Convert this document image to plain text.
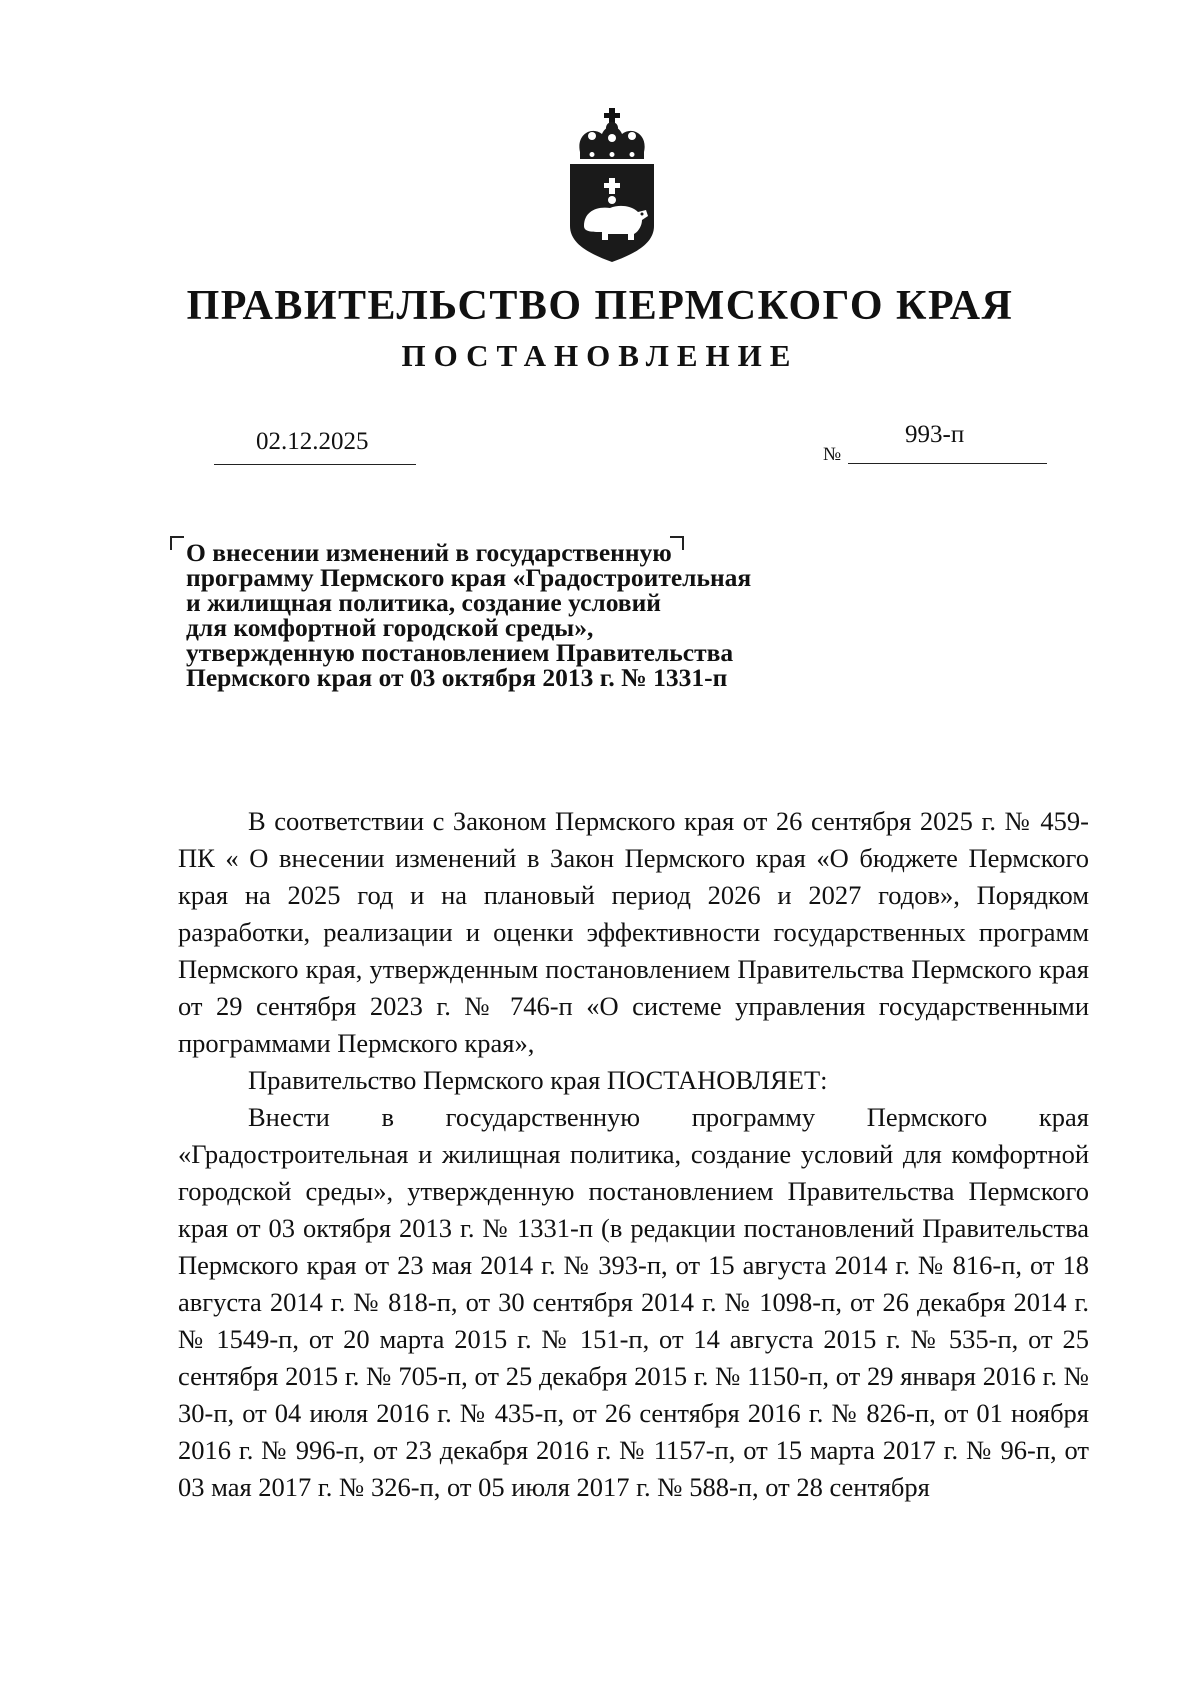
ПРАВИТЕЛЬСТВО ПЕРМСКОГО КРАЯ
ПОСТАНОВЛЕНИЕ
02.12.2025	№
993-п
О внесении изменений в государственную
программу Пермского края «Градостроительная
и жилищная политика, создание условий
для комфортной городской среды»,
утвержденную постановлением Правительства
Пермского края от 03 октября 2013 г. № 1331-п

В соответствии с Законом Пермского края от 26 сентября 2025 г. № 459-ПК « О внесении изменений в Закон Пермского края «О бюджете Пермского края на 2025 год и на плановый период 2026 и 2027 годов», Порядком разработки, реализации и оценки эффективности государственных программ Пермского края, утвержденным постановлением Правительства Пермского края от 29 сентября 2023 г. № 746-п «О системе управления государственными программами Пермского края»,

Правительство Пермского края ПОСТАНОВЛЯЕТ:

Внести в государственную программу Пермского края «Градостроительная и жилищная политика, создание условий для комфортной городской среды», утвержденную постановлением Правительства Пермского края от 03 октября 2013 г. № 1331-п (в редакции постановлений Правительства Пермского края от 23 мая 2014 г. № 393-п, от 15 августа 2014 г. № 816-п, от 18 августа 2014 г. № 818-п, от 30 сентября 2014 г. № 1098-п, от 26 декабря 2014 г. № 1549-п, от 20 марта 2015 г. № 151-п, от 14 августа 2015 г. № 535-п, от 25 сентября 2015 г. № 705-п, от 25 декабря 2015 г. № 1150-п, от 29 января 2016 г. № 30-п, от 04 июля 2016 г. № 435-п, от 26 сентября 2016 г. № 826-п, от 01 ноября 2016 г. № 996-п, от 23 декабря 2016 г. № 1157-п, от 15 марта 2017 г. № 96-п, от 03 мая 2017 г. № 326-п, от 05 июля 2017 г. № 588-п, от 28 сентября
